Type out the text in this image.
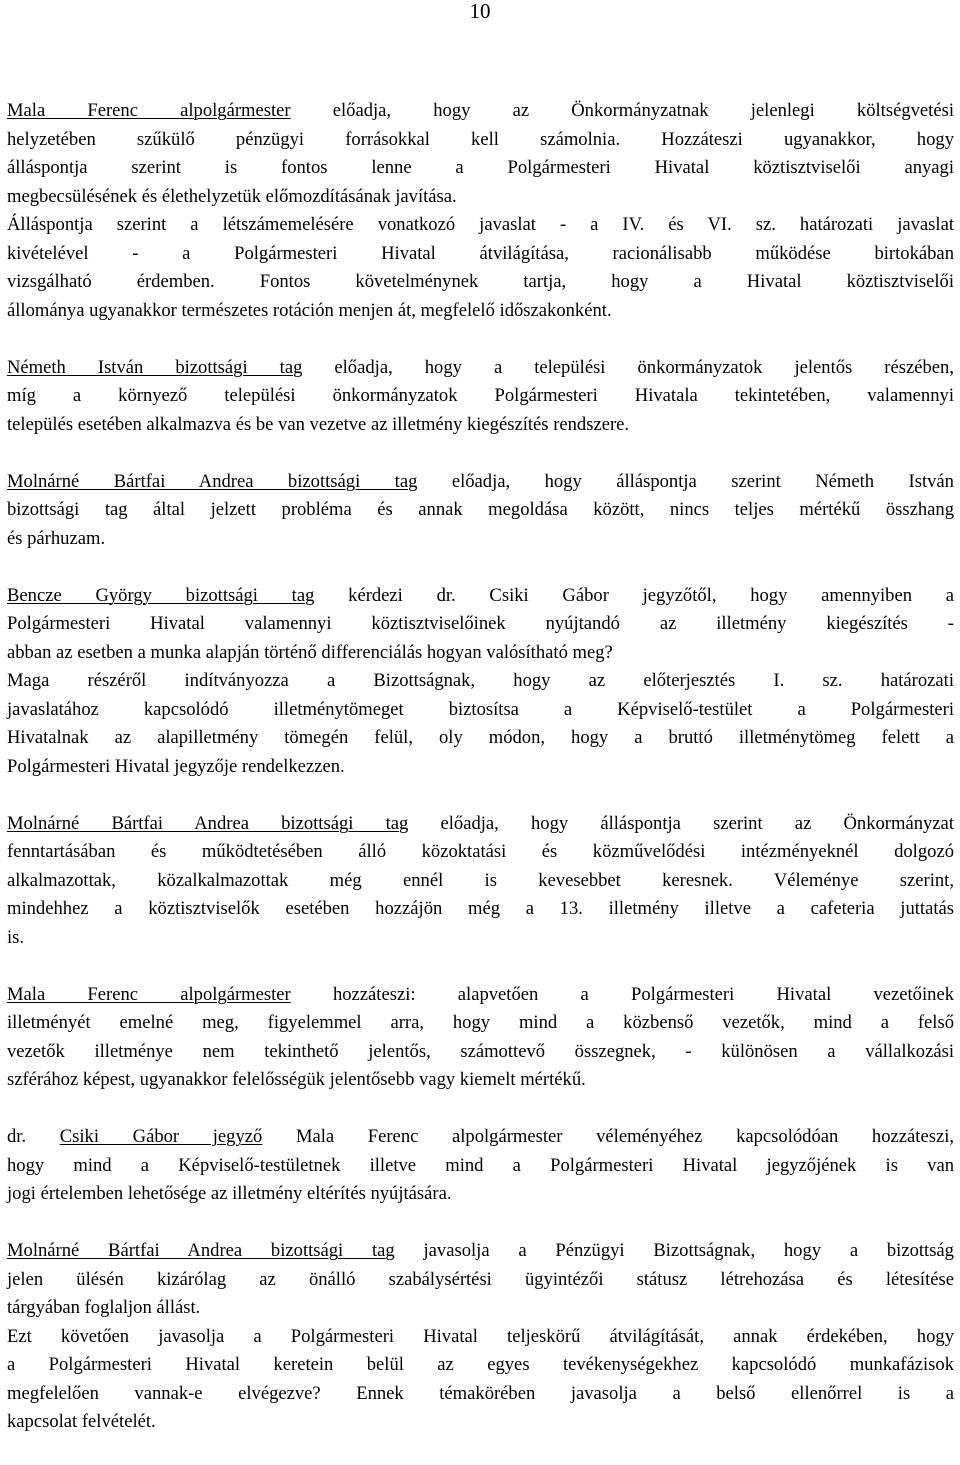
10
Mala Ferenc alpolgármester előadja, hogy az Önkormányzatnak jelenlegi költségvetési
helyzetében szűkülő pénzügyi forrásokkal kell számolnia. Hozzáteszi ugyanakkor, hogy
álláspontja szerint is fontos lenne a Polgármesteri Hivatal köztisztviselői anyagi
megbecsülésének és élethelyzetük előmozdításának javítása.
Álláspontja szerint a létszámemelésére vonatkozó javaslat - a IV. és VI. sz. határozati javaslat
kivételével - a Polgármesteri Hivatal átvilágítása, racionálisabb működése birtokában
vizsgálható érdemben. Fontos követelménynek tartja, hogy a Hivatal köztisztviselői
állománya ugyanakkor természetes rotáción menjen át, megfelelő időszakonként.
Németh István bizottsági tag előadja, hogy a települési önkormányzatok jelentős részében,
míg a környező települési önkormányzatok Polgármesteri Hivatala tekintetében, valamennyi
település esetében alkalmazva és be van vezetve az illetmény kiegészítés rendszere.
Molnárné Bártfai Andrea bizottsági tag előadja, hogy álláspontja szerint Németh István
bizottsági tag által jelzett probléma és annak megoldása között, nincs teljes mértékű összhang
és párhuzam.
Bencze György bizottsági tag kérdezi dr. Csiki Gábor jegyzőtől, hogy amennyiben a
Polgármesteri Hivatal valamennyi köztisztviselőinek nyújtandó az illetmény kiegészítés -
abban az esetben a munka alapján történő differenciálás hogyan valósítható meg?
Maga részéről indítványozza a Bizottságnak, hogy az előterjesztés I. sz. határozati
javaslatához kapcsolódó illetménytömeget biztosítsa a Képviselő-testület a Polgármesteri
Hivatalnak az alapilletmény tömegén felül, oly módon, hogy a bruttó illetménytömeg felett a
Polgármesteri Hivatal jegyzője rendelkezzen.
Molnárné Bártfai Andrea bizottsági tag előadja, hogy álláspontja szerint az Önkormányzat
fenntartásában és működtetésében álló közoktatási és közművelődési intézményeknél dolgozó
alkalmazottak, közalkalmazottak még ennél is kevesebbet keresnek. Véleménye szerint,
mindehhez a köztisztviselők esetében hozzájön még a 13. illetmény illetve a cafeteria juttatás
is.
Mala Ferenc alpolgármester hozzáteszi: alapvetően a Polgármesteri Hivatal vezetőinek
illetményét emelné meg, figyelemmel arra, hogy mind a közbenső vezetők, mind a felső
vezetők illetménye nem tekinthető jelentős, számottevő összegnek, - különösen a vállalkozási
szférához képest, ugyanakkor felelősségük jelentősebb vagy kiemelt mértékű.
dr. Csiki Gábor jegyző Mala Ferenc alpolgármester véleményéhez kapcsolódóan hozzáteszi,
hogy mind a Képviselő-testületnek illetve mind a Polgármesteri Hivatal jegyzőjének is van
jogi értelemben lehetősége az illetmény eltérítés nyújtására.
Molnárné Bártfai Andrea bizottsági tag javasolja a Pénzügyi Bizottságnak, hogy a bizottság
jelen ülésén kizárólag az önálló szabálysértési ügyintézői státusz létrehozása és létesítése
tárgyában foglaljon állást.
Ezt követően javasolja a Polgármesteri Hivatal teljeskörű átvilágítását, annak érdekében, hogy
a Polgármesteri Hivatal keretein belül az egyes tevékenységekhez kapcsolódó munkafázisok
megfelelően vannak-e elvégezve? Ennek témakörében javasolja a belső ellenőrrel is a
kapcsolat felvételét.
